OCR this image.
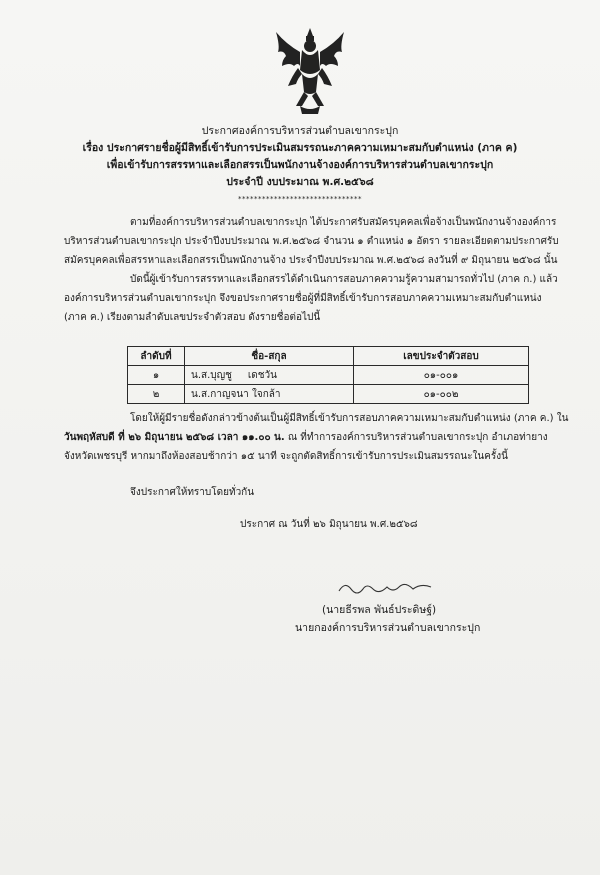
ประกาศองค์การบริหารส่วนตำบลเขากระปุก
เรื่อง ประกาศรายชื่อผู้มีสิทธิ์เข้ารับการประเมินสมรรถนะภาคความเหมาะสมกับตำแหน่ง (ภาค ค)
เพื่อเข้ารับการสรรหาและเลือกสรรเป็นพนักงานจ้างองค์การบริหารส่วนตำบลเขากระปุก
ประจำปี งบประมาณ พ.ศ.๒๕๖๘
*******************************
ตามที่องค์การบริหารส่วนตำบลเขากระปุก ได้ประกาศรับสมัครบุคคลเพื่อจ้างเป็นพนักงานจ้างองค์การ
บริหารส่วนตำบลเขากระปุก ประจำปีงบประมาณ พ.ศ.๒๕๖๘ จำนวน ๑ ตำแหน่ง ๑ อัตรา รายละเอียดตามประกาศรับ
สมัครบุคคลเพื่อสรรหาและเลือกสรรเป็นพนักงานจ้าง ประจำปีงบประมาณ พ.ศ.๒๕๖๘ ลงวันที่ ๙ มิถุนายน ๒๕๖๘ นั้น
บัดนี้ผู้เข้ารับการสรรหาและเลือกสรรได้ดำเนินการสอบภาคความรู้ความสามารถทั่วไป (ภาค ก.) แล้ว
องค์การบริหารส่วนตำบลเขากระปุก จึงขอประกาศรายชื่อผู้ที่มีสิทธิ์เข้ารับการสอบภาคความเหมาะสมกับตำแหน่ง
(ภาค ค.) เรียงตามลำดับเลขประจำตัวสอบ ดังรายชื่อต่อไปนี้
ลำดับที่	ชื่อ-สกุล	เลขประจำตัวสอบ
๑	น.ส.บุญชู     เดชวัน	๐๑-๐๐๑
๒	น.ส.กาญจนา ใจกล้า	๐๑-๐๐๒
โดยให้ผู้มีรายชื่อดังกล่าวข้างต้นเป็นผู้มีสิทธิ์เข้ารับการสอบภาคความเหมาะสมกับตำแหน่ง (ภาค ค.) ใน
วันพฤหัสบดี ที่ ๒๖ มิถุนายน ๒๕๖๘ เวลา ๑๑.๐๐ น. ณ ที่ทำการองค์การบริหารส่วนตำบลเขากระปุก อำเภอท่ายาง
จังหวัดเพชรบุรี หากมาถึงห้องสอบช้ากว่า ๑๕ นาที จะถูกตัดสิทธิ์การเข้ารับการประเมินสมรรถนะในครั้งนี้
จึงประกาศให้ทราบโดยทั่วกัน
ประกาศ ณ วันที่ ๒๖ มิถุนายน พ.ศ.๒๕๖๘
(นายธีรพล พันธ์ประดิษฐ์)
นายกองค์การบริหารส่วนตำบลเขากระปุก
